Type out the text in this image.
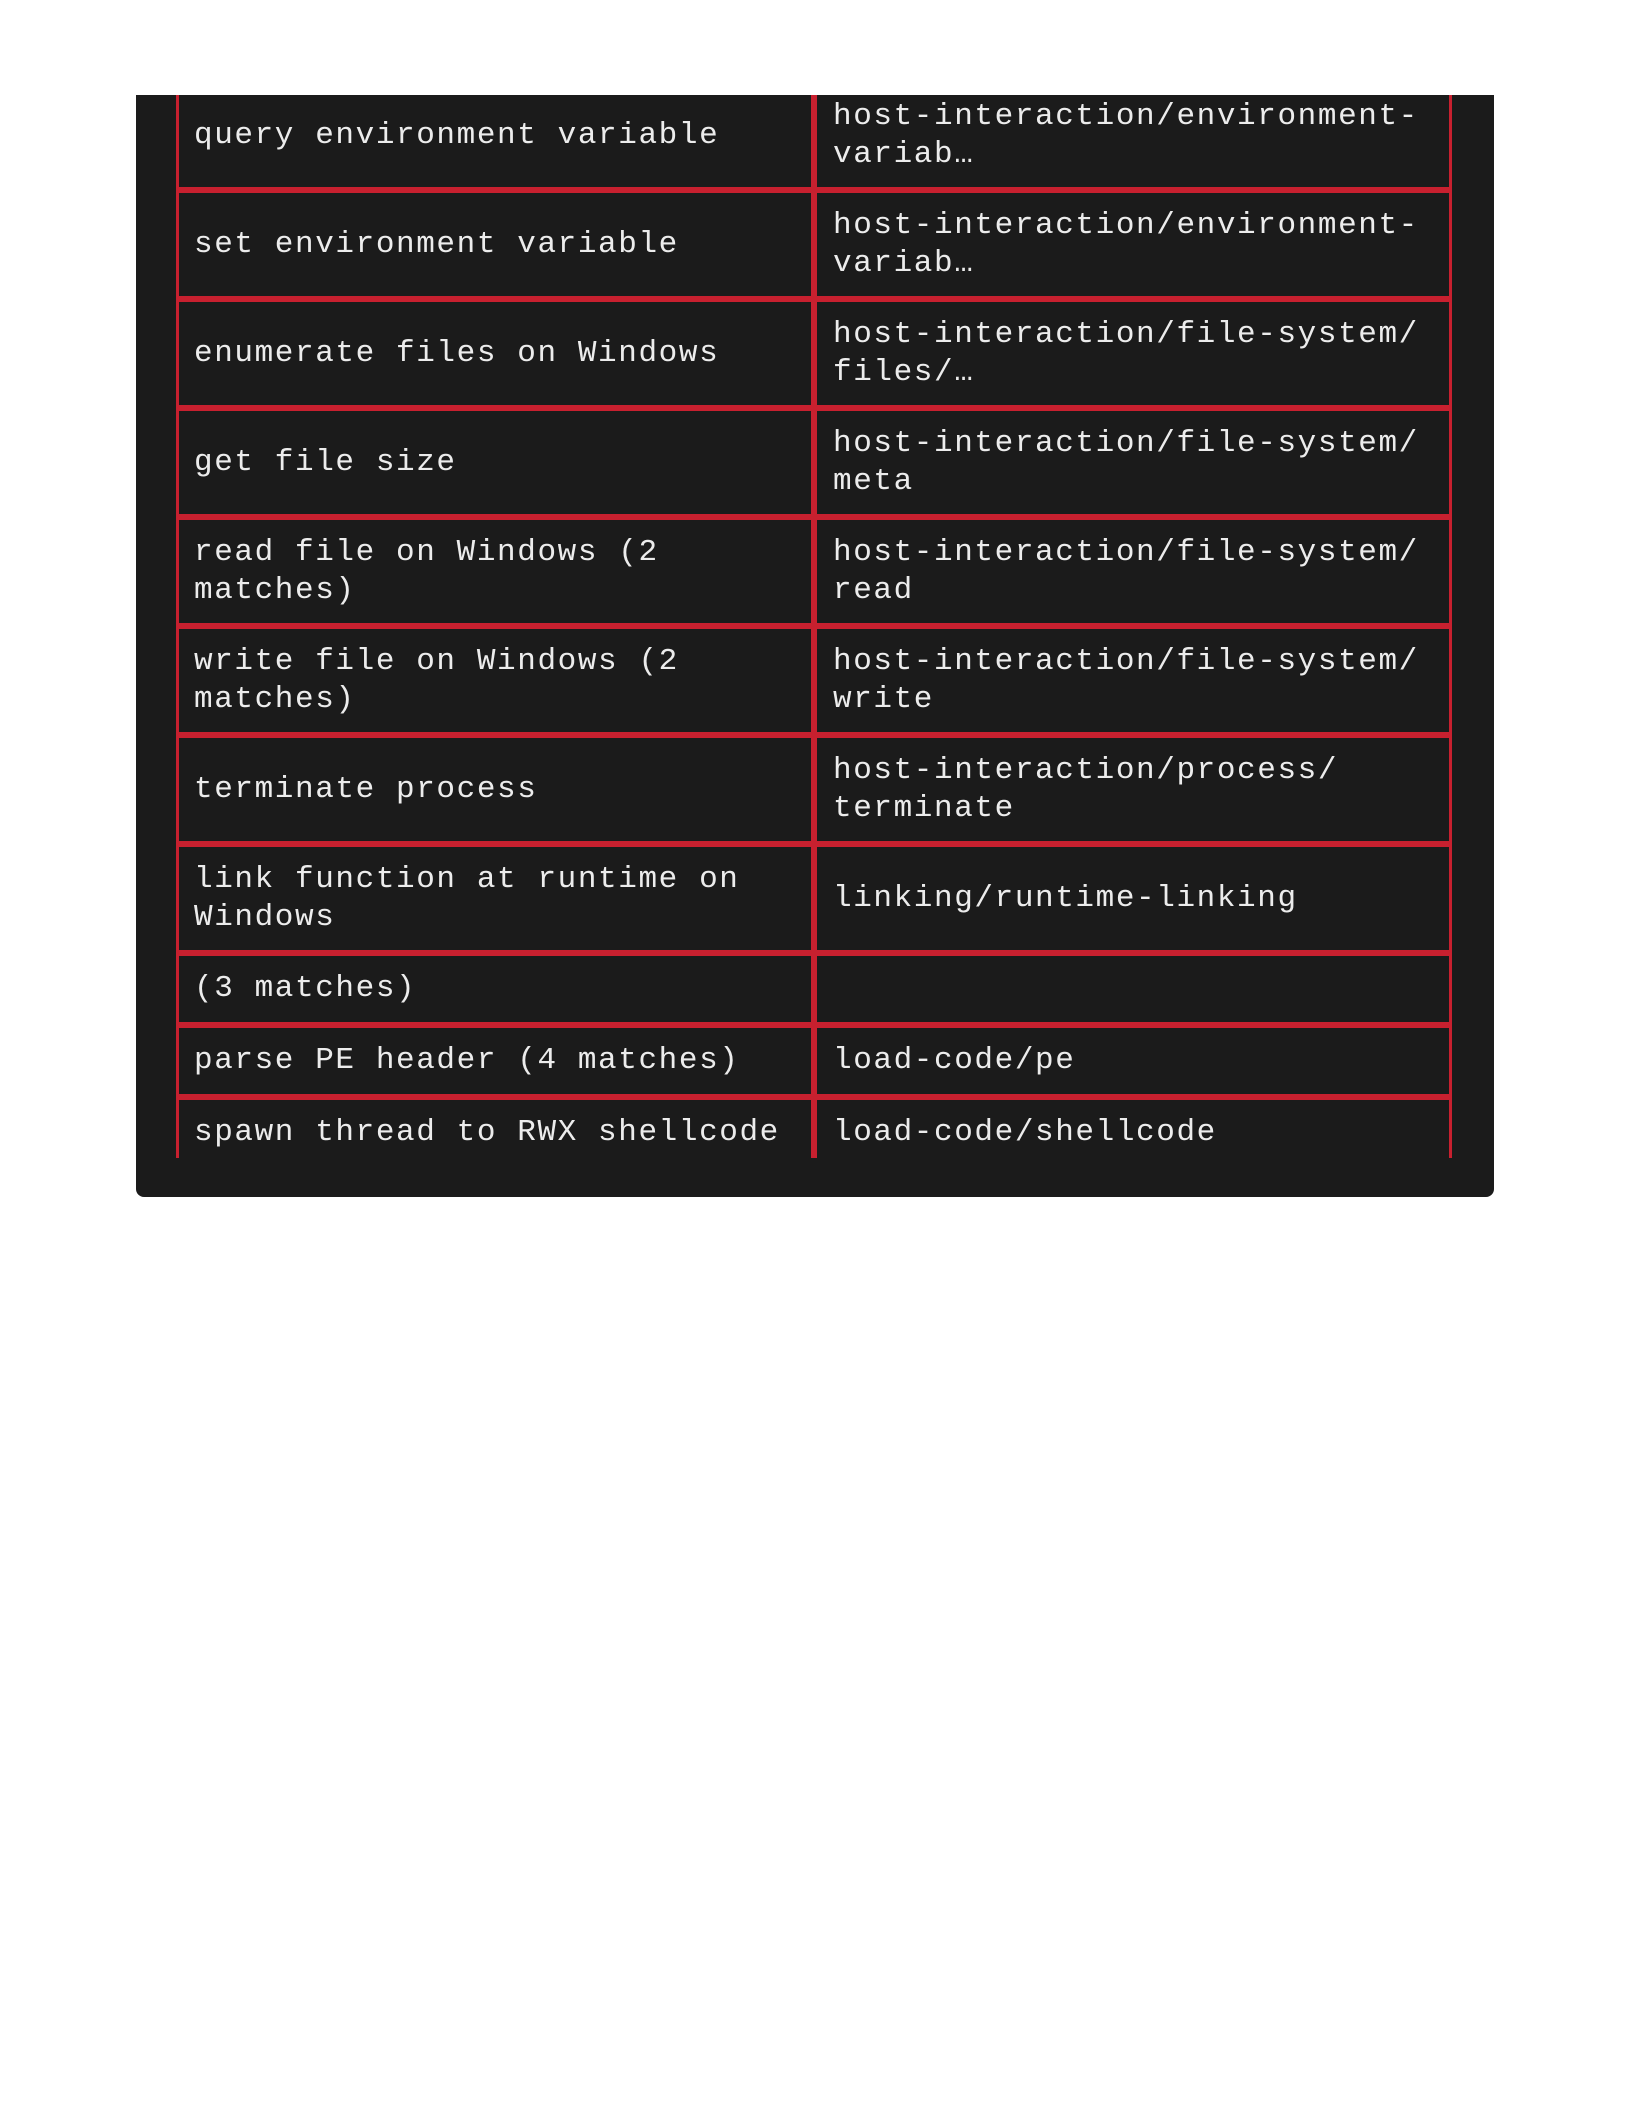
query environment variable
host-interaction/environment-
variab…
set environment variable
host-interaction/environment-
variab…
enumerate files on Windows
host-interaction/file-system/
files/…
get file size
host-interaction/file-system/
meta
read file on Windows (2
matches)
host-interaction/file-system/
read
write file on Windows (2
matches)
host-interaction/file-system/
write
terminate process
host-interaction/process/
terminate
link function at runtime on
Windows
linking/runtime-linking
(3 matches)
parse PE header (4 matches)	load-code/pe
spawn thread to RWX shellcode	load-code/shellcode
